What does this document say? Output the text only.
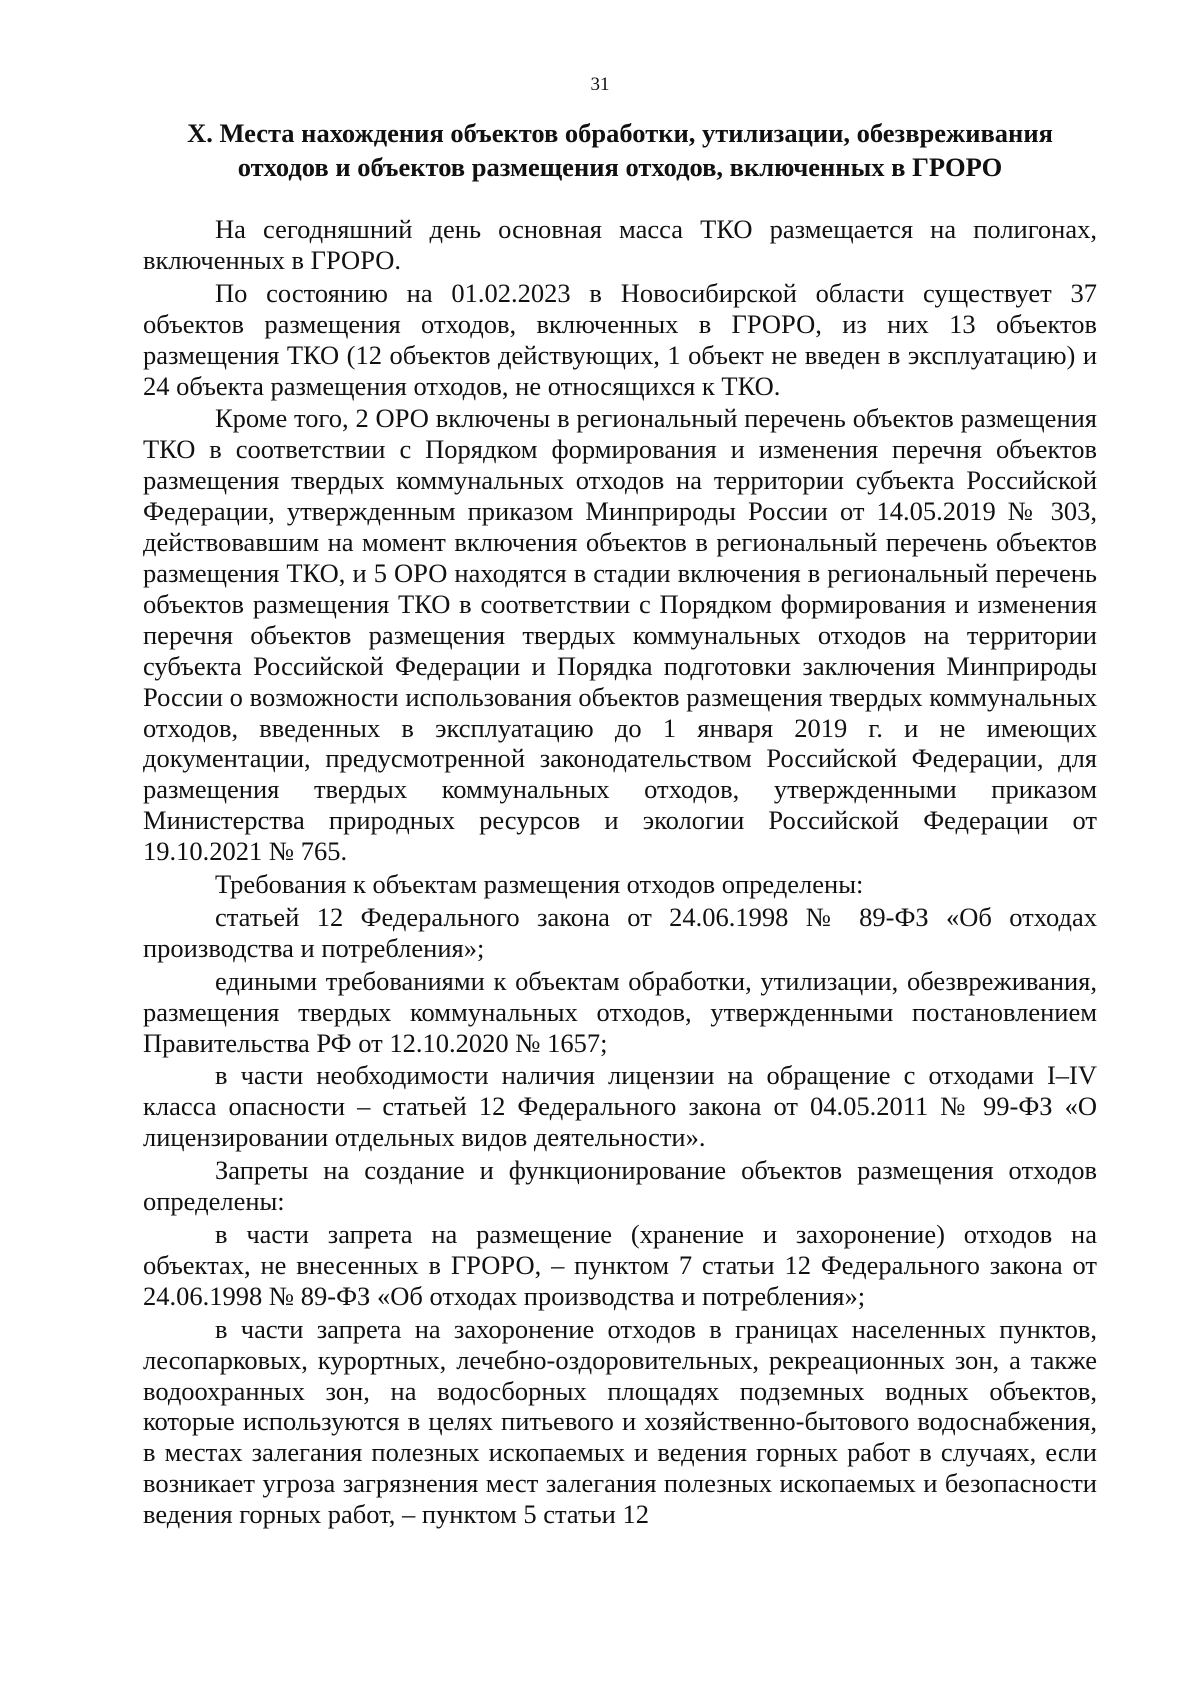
31
X. Места нахождения объектов обработки, утилизации, обезвреживания
отходов и объектов размещения отходов, включенных в ГРОРО

На сегодняшний день основная масса ТКО размещается на полигонах, включенных в ГРОРО.

По состоянию на 01.02.2023 в Новосибирской области существует 37 объектов размещения отходов, включенных в ГРОРО, из них 13 объектов размещения ТКО (12 объектов действующих, 1 объект не введен в эксплуатацию) и 24 объекта размещения отходов, не относящихся к ТКО.

Кроме того, 2 ОРО включены в региональный перечень объектов размещения ТКО в соответствии с Порядком формирования и изменения перечня объектов размещения твердых коммунальных отходов на территории субъекта Российской Федерации, утвержденным приказом Минприроды России от 14.05.2019 № 303, действовавшим на момент включения объектов в региональный перечень объектов размещения ТКО, и 5 ОРО находятся в стадии включения в региональный перечень объектов размещения ТКО в соответствии с Порядком формирования и изменения перечня объектов размещения твердых коммунальных отходов на территории субъекта Российской Федерации и Порядка подготовки заключения Минприроды России о возможности использования объектов размещения твердых коммунальных отходов, введенных в эксплуатацию до 1 января 2019 г. и не имеющих документации, предусмотренной законодательством Российской Федерации, для размещения твердых коммунальных отходов, утвержденными приказом Министерства природных ресурсов и экологии Российской Федерации от 19.10.2021 № 765.

Требования к объектам размещения отходов определены:

статьей 12 Федерального закона от 24.06.1998 № 89-ФЗ «Об отходах производства и потребления»;

едиными требованиями к объектам обработки, утилизации, обезвреживания, размещения твердых коммунальных отходов, утвержденными постановлением Правительства РФ от 12.10.2020 № 1657;

в части необходимости наличия лицензии на обращение с отходами I–IV класса опасности – статьей 12 Федерального закона от 04.05.2011 № 99-ФЗ «О лицензировании отдельных видов деятельности».

Запреты на создание и функционирование объектов размещения отходов определены:

в части запрета на размещение (хранение и захоронение) отходов на объектах, не внесенных в ГРОРО, – пунктом 7 статьи 12 Федерального закона от 24.06.1998 № 89-ФЗ «Об отходах производства и потребления»;

в части запрета на захоронение отходов в границах населенных пунктов, лесопарковых, курортных, лечебно-оздоровительных, рекреационных зон, а также водоохранных зон, на водосборных площадях подземных водных объектов, которые используются в целях питьевого и хозяйственно-бытового водоснабжения, в местах залегания полезных ископаемых и ведения горных работ в случаях, если возникает угроза загрязнения мест залегания полезных ископаемых и безопасности ведения горных работ, – пунктом 5 статьи 12
